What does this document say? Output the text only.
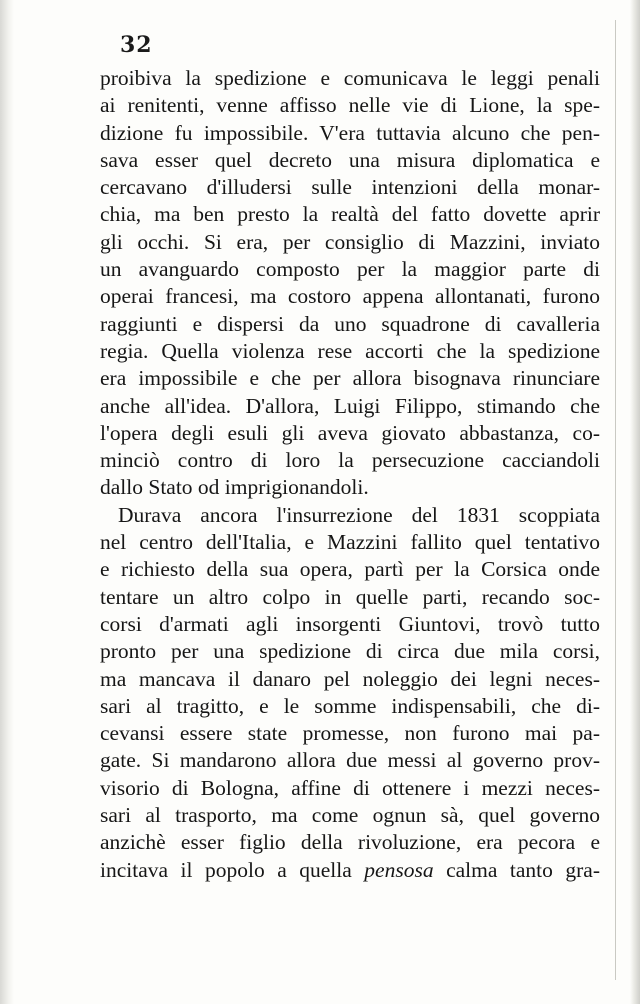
32
proibiva la spedizione e comunicava le leggi penali
ai renitenti, venne affisso nelle vie di Lione, la spe-
dizione fu impossibile. V'era tuttavia alcuno che pen-
sava esser quel decreto una misura diplomatica e
cercavano d'illudersi sulle intenzioni della monar-
chia, ma ben presto la realtà del fatto dovette aprir
gli occhi. Si era, per consiglio di Mazzini, inviato
un avanguardo composto per la maggior parte di
operai francesi, ma costoro appena allontanati, furono
raggiunti e dispersi da uno squadrone di cavalleria
regia. Quella violenza rese accorti che la spedizione
era impossibile e che per allora bisognava rinunciare
anche all'idea. D'allora, Luigi Filippo, stimando che
l'opera degli esuli gli aveva giovato abbastanza, co-
minciò contro di loro la persecuzione cacciandoli
dallo Stato od imprigionandoli.
Durava ancora l'insurrezione del 1831 scoppiata
nel centro dell'Italia, e Mazzini fallito quel tentativo
e richiesto della sua opera, partì per la Corsica onde
tentare un altro colpo in quelle parti, recando soc-
corsi d'armati agli insorgenti Giuntovi, trovò tutto
pronto per una spedizione di circa due mila corsi,
ma mancava il danaro pel noleggio dei legni neces-
sari al tragitto, e le somme indispensabili, che di-
cevansi essere state promesse, non furono mai pa-
gate. Si mandarono allora due messi al governo prov-
visorio di Bologna, affine di ottenere i mezzi neces-
sari al trasporto, ma come ognun sà, quel governo
anzichè esser figlio della rivoluzione, era pecora e
incitava il popolo a quella pensosa calma tanto gra-
